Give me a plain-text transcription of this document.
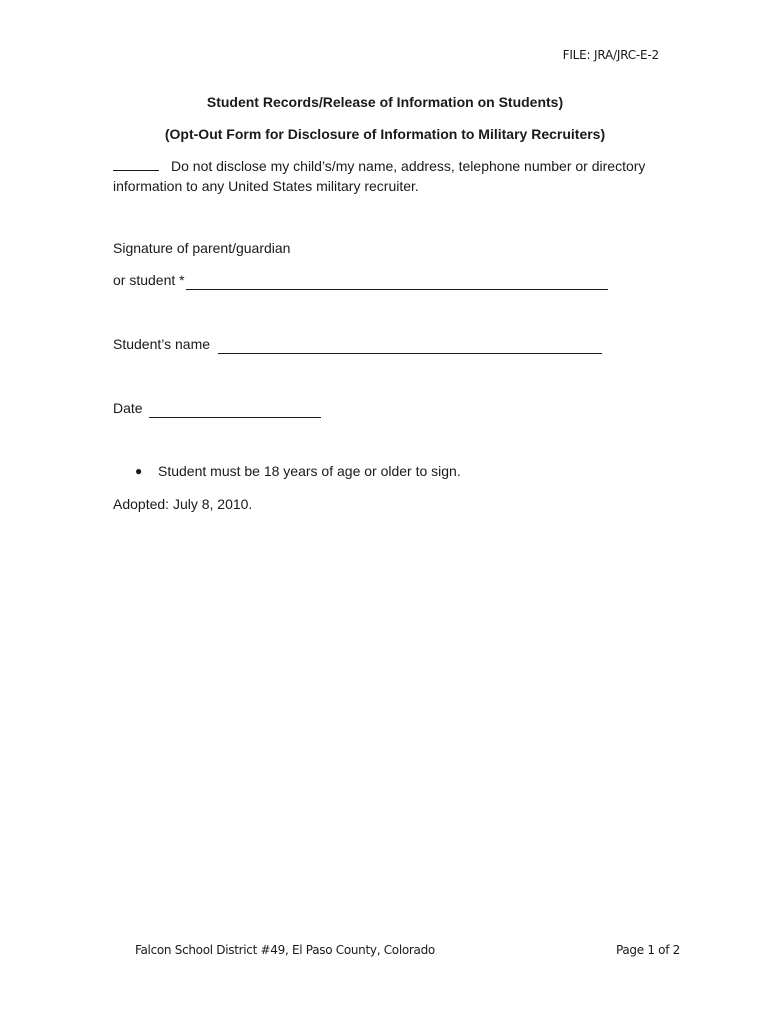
FILE: JRA/JRC-E-2
Student Records/Release of Information on Students)
(Opt-Out Form for Disclosure of Information to Military Recruiters)
Do not disclose my child’s/my name, address, telephone number or directory
information to any United States military recruiter.
Signature of parent/guardian
or student *
Student’s name
Date
●	Student must be 18 years of age or older to sign.
Adopted: July 8, 2010.
Falcon School District #49, El Paso County, Colorado	Page 1 of 2
